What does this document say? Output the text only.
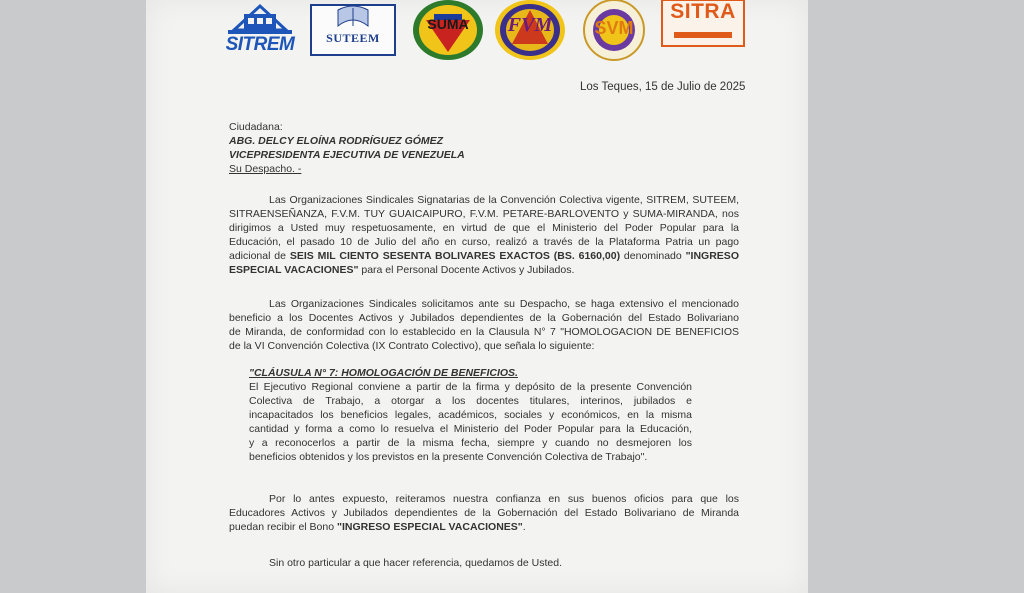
SITREM	SUTEEM
SUMA	FVM	SVM
SITRA
Los Teques, 15 de Julio de 2025
Ciudadana:
ABG. DELCY ELOÍNA RODRÍGUEZ GÓMEZ
VICEPRESIDENTA EJECUTIVA DE VENEZUELA
Su Despacho. -
Las Organizaciones Sindicales Signatarias de la Convención Colectiva vigente, SITREM, SUTEEM,
SITRAENSEÑANZA, F.V.M. TUY GUAICAIPURO, F.V.M. PETARE-BARLOVENTO y SUMA-MIRANDA, nos
dirigimos a Usted muy respetuosamente, en virtud de que el Ministerio del Poder Popular para la
Educación, el pasado 10 de Julio del año en curso, realizó a través de la Plataforma Patria un pago
adicional de SEIS MIL CIENTO SESENTA BOLIVARES EXACTOS (BS. 6160,00) denominado "INGRESO
ESPECIAL VACACIONES" para el Personal Docente Activos y Jubilados.
Las Organizaciones Sindicales solicitamos ante su Despacho, se haga extensivo el mencionado
beneficio a los Docentes Activos y Jubilados dependientes de la Gobernación del Estado Bolivariano
de Miranda, de conformidad con lo establecido en la Clausula N° 7 "HOMOLOGACION DE BENEFICIOS
de la VI Convención Colectiva (IX Contrato Colectivo), que señala lo siguiente:
"CLÁUSULA N° 7: HOMOLOGACIÓN DE BENEFICIOS.
El Ejecutivo Regional conviene a partir de la firma y depósito de la presente Convención
Colectiva de Trabajo, a otorgar a los docentes titulares, interinos, jubilados e
incapacitados los beneficios legales, académicos, sociales y económicos, en la misma
cantidad y forma a como lo resuelva el Ministerio del Poder Popular para la Educación,
y a reconocerlos a partir de la misma fecha, siempre y cuando no desmejoren los
beneficios obtenidos y los previstos en la presente Convención Colectiva de Trabajo".
Por lo antes expuesto, reiteramos nuestra confianza en sus buenos oficios para que los
Educadores Activos y Jubilados dependientes de la Gobernación del Estado Bolivariano de Miranda
puedan recibir el Bono "INGRESO ESPECIAL VACACIONES".
Sin otro particular a que hacer referencia, quedamos de Usted.
